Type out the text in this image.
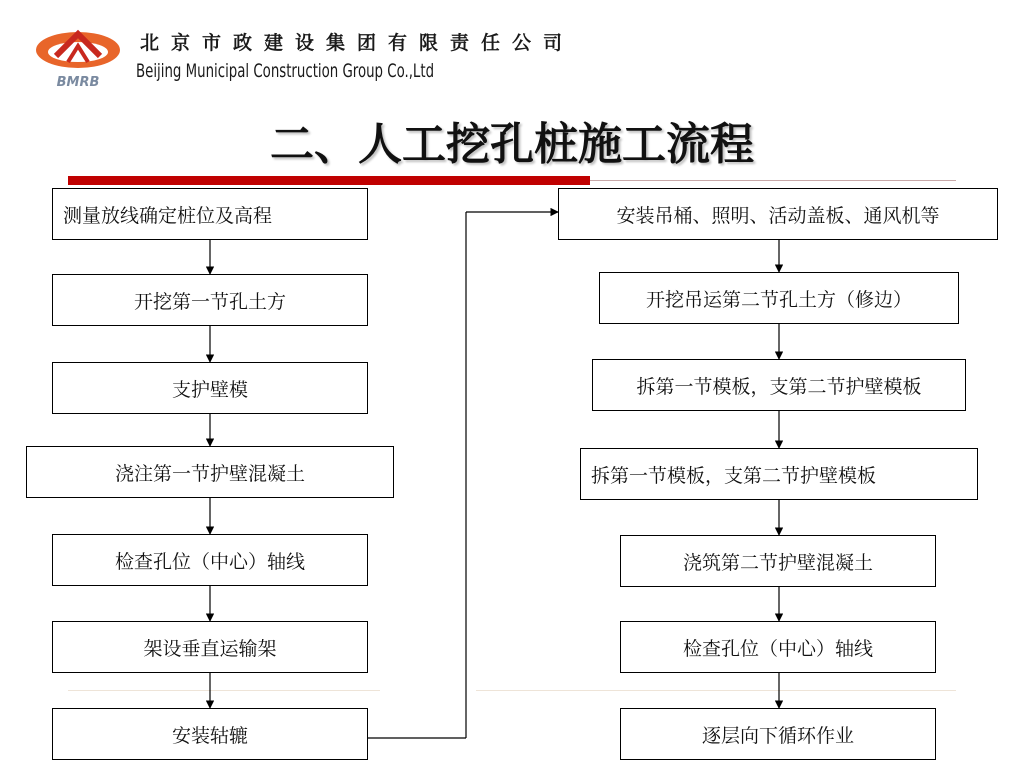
BMRB
北京市政建设集团有限责任公司
Beijing Municipal Construction Group Co.,Ltd
二、人工挖孔桩施工流程
测量放线确定桩位及高程
开挖第一节孔土方
支护壁模
浇注第一节护壁混凝土
检查孔位（中心）轴线
架设垂直运输架
安装轱辘
安装吊桶、照明、活动盖板、通风机等
开挖吊运第二节孔土方（修边）
拆第一节模板，支第二节护壁模板
拆第一节模板，支第二节护壁模板
浇筑第二节护壁混凝土
检查孔位（中心）轴线
逐层向下循环作业
